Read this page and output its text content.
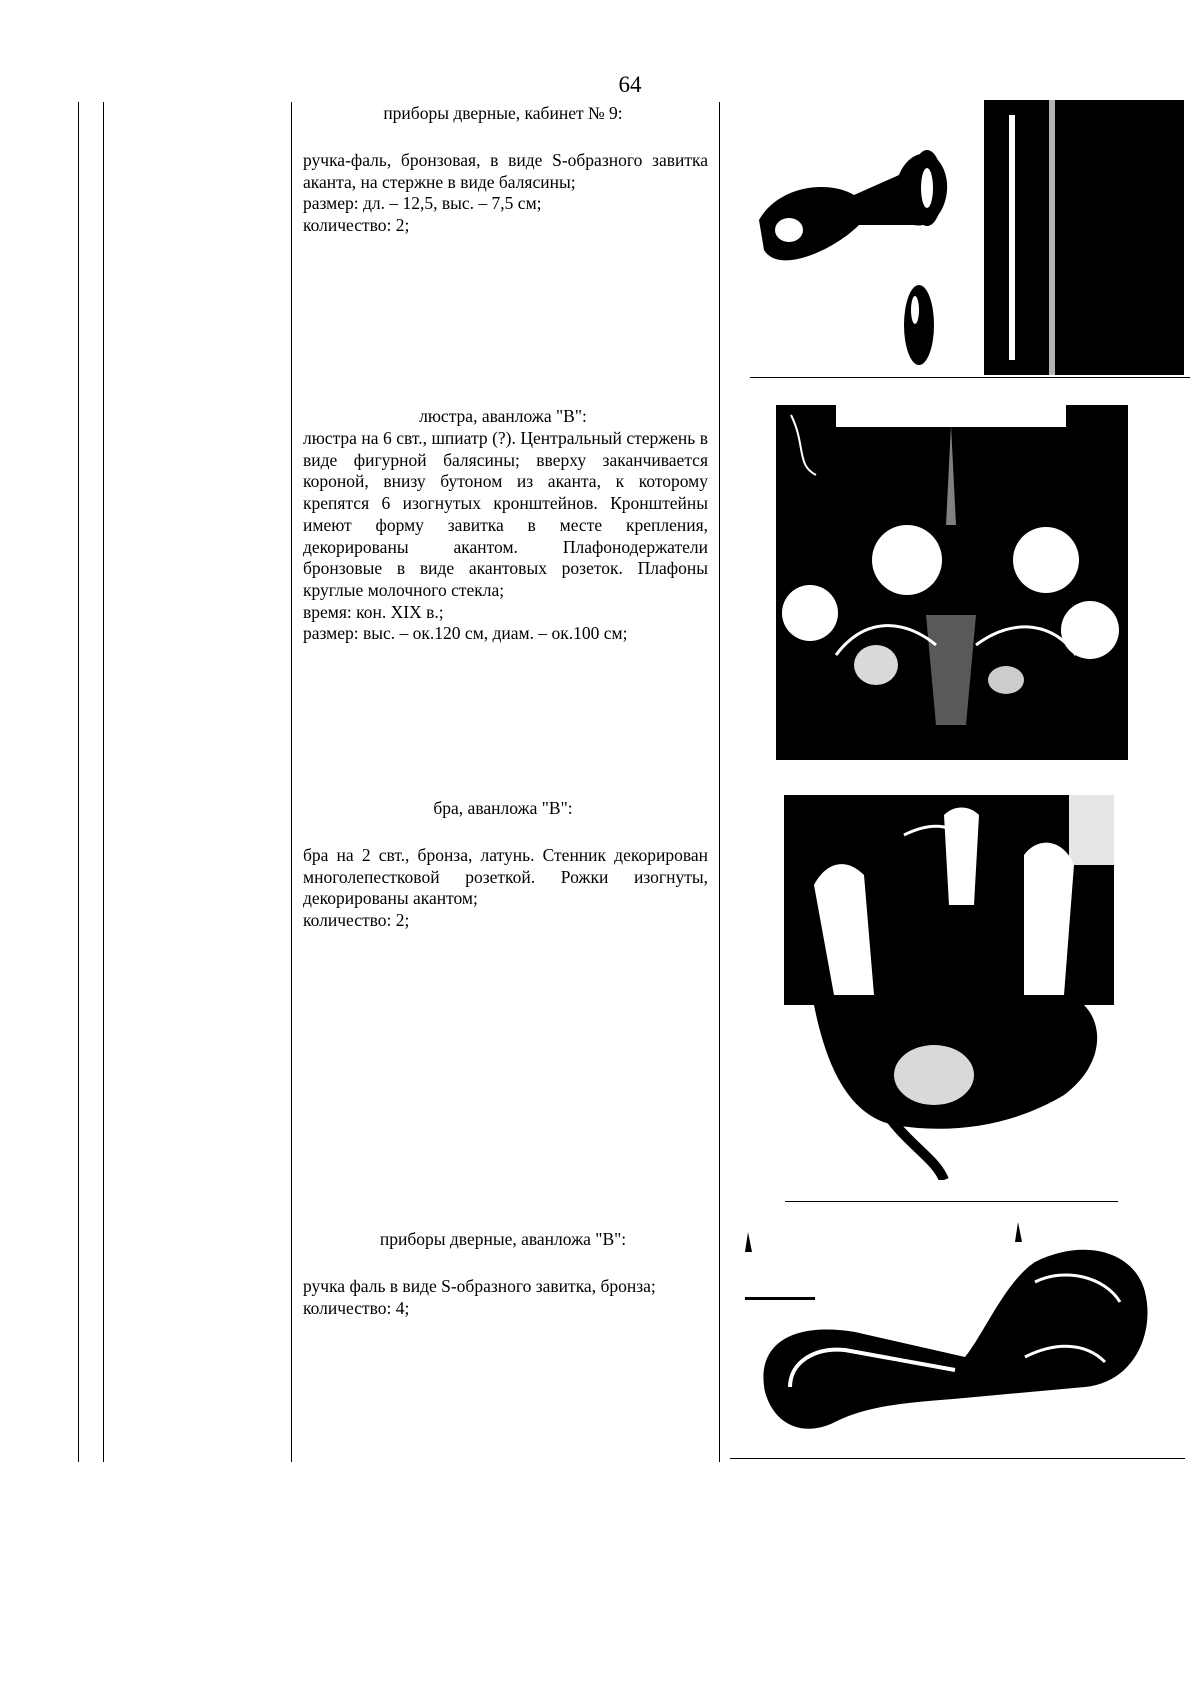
64
приборы дверные, кабинет № 9:
ручка-фаль, бронзовая, в виде S-образного завитка аканта, на стержне в виде балясины;
размер: дл. – 12,5, выс. – 7,5 см;
количество: 2;
люстра, аванложа "В":
люстра на 6 свт., шпиатр (?). Центральный стержень в виде фигурной балясины; вверху заканчивается короной, внизу бутоном из аканта, к которому крепятся 6 изогнутых кронштейнов. Кронштейны имеют форму завитка в месте крепления, декорированы акантом. Плафонодержатели бронзовые в виде акантовых розеток. Плафоны круглые молочного стекла;
время: кон. XIX в.;
размер: выс. – ок.120 см, диам. – ок.100 см;
бра, аванложа "В":
бра на 2 свт., бронза, латунь. Стенник декорирован многолепестковой розеткой. Рожки изогнуты, декорированы акантом;
количество: 2;
приборы дверные, аванложа "В":
ручка фаль в виде S-образного завитка, бронза;
количество: 4;
